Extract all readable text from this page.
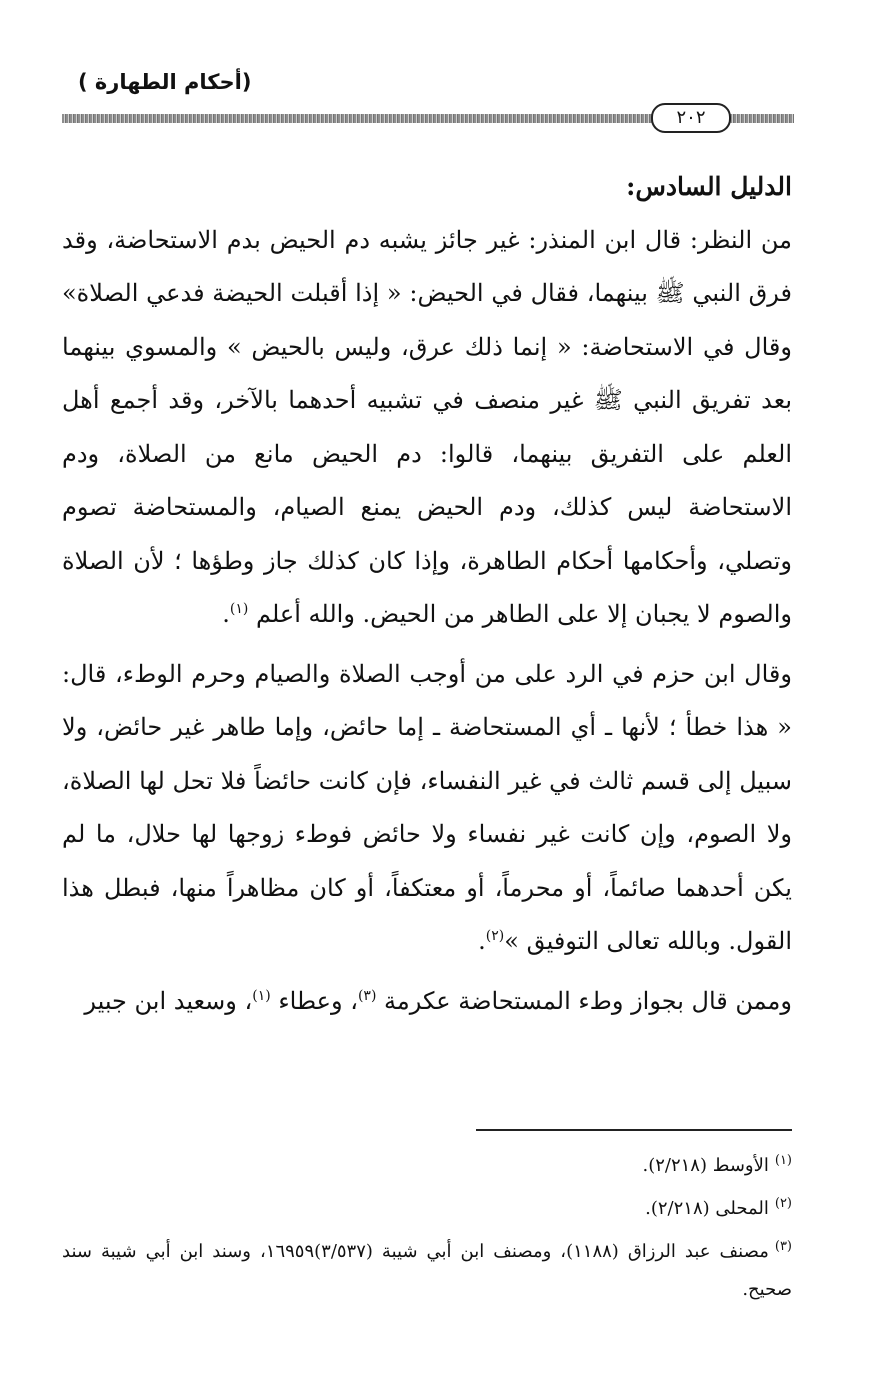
(أحكام الطهارة )
٢٠٢

الدليل السادس:

من النظر: قال ابن المنذر: غير جائز يشبه دم الحيض بدم الاستحاضة، وقد فرق النبي ﷺ بينهما، فقال في الحيض: « إذا أقبلت الحيضة فدعي الصلاة» وقال في الاستحاضة: « إنما ذلك عرق، وليس بالحيض » والمسوي بينهما بعد تفريق النبي ﷺ غير منصف في تشبيه أحدهما بالآخر، وقد أجمع أهل العلم على التفريق بينهما، قالوا: دم الحيض مانع من الصلاة، ودم الاستحاضة ليس كذلك، ودم الحيض يمنع الصيام، والمستحاضة تصوم وتصلي، وأحكامها أحكام الطاهرة، وإذا كان كذلك جاز وطؤها ؛ لأن الصلاة والصوم لا يجبان إلا على الطاهر من الحيض. والله أعلم $^{(١)}$.

وقال ابن حزم في الرد على من أوجب الصلاة والصيام وحرم الوطء، قال: « هذا خطأ ؛ لأنها ـ أي المستحاضة ـ إما حائض، وإما طاهر غير حائض، ولا سبيل إلى قسم ثالث في غير النفساء، فإن كانت حائضاً فلا تحل لها الصلاة، ولا الصوم، وإن كانت غير نفساء ولا حائض فوطء زوجها لها حلال، ما لم يكن أحدهما صائماً، أو محرماً، أو معتكفاً، أو كان مظاهراً منها، فبطل هذا القول. وبالله تعالى التوفيق »$^{(٢)}$.

وممن قال بجواز وطء المستحاضة عكرمة $^{(٣)}$، وعطاء $^{(١)}$، وسعيد ابن جبير

$^{(١)}$الأوسط (٢/٢١٨).

$^{(٢)}$المحلى (٢/٢١٨).

$^{(٣)}$مصنف عبد الرزاق (١١٨٨)، ومصنف ابن أبي شيبة (٣/٥٣٧)١٦٩٥٩، وسند ابن أبي شيبة سند صحيح.
